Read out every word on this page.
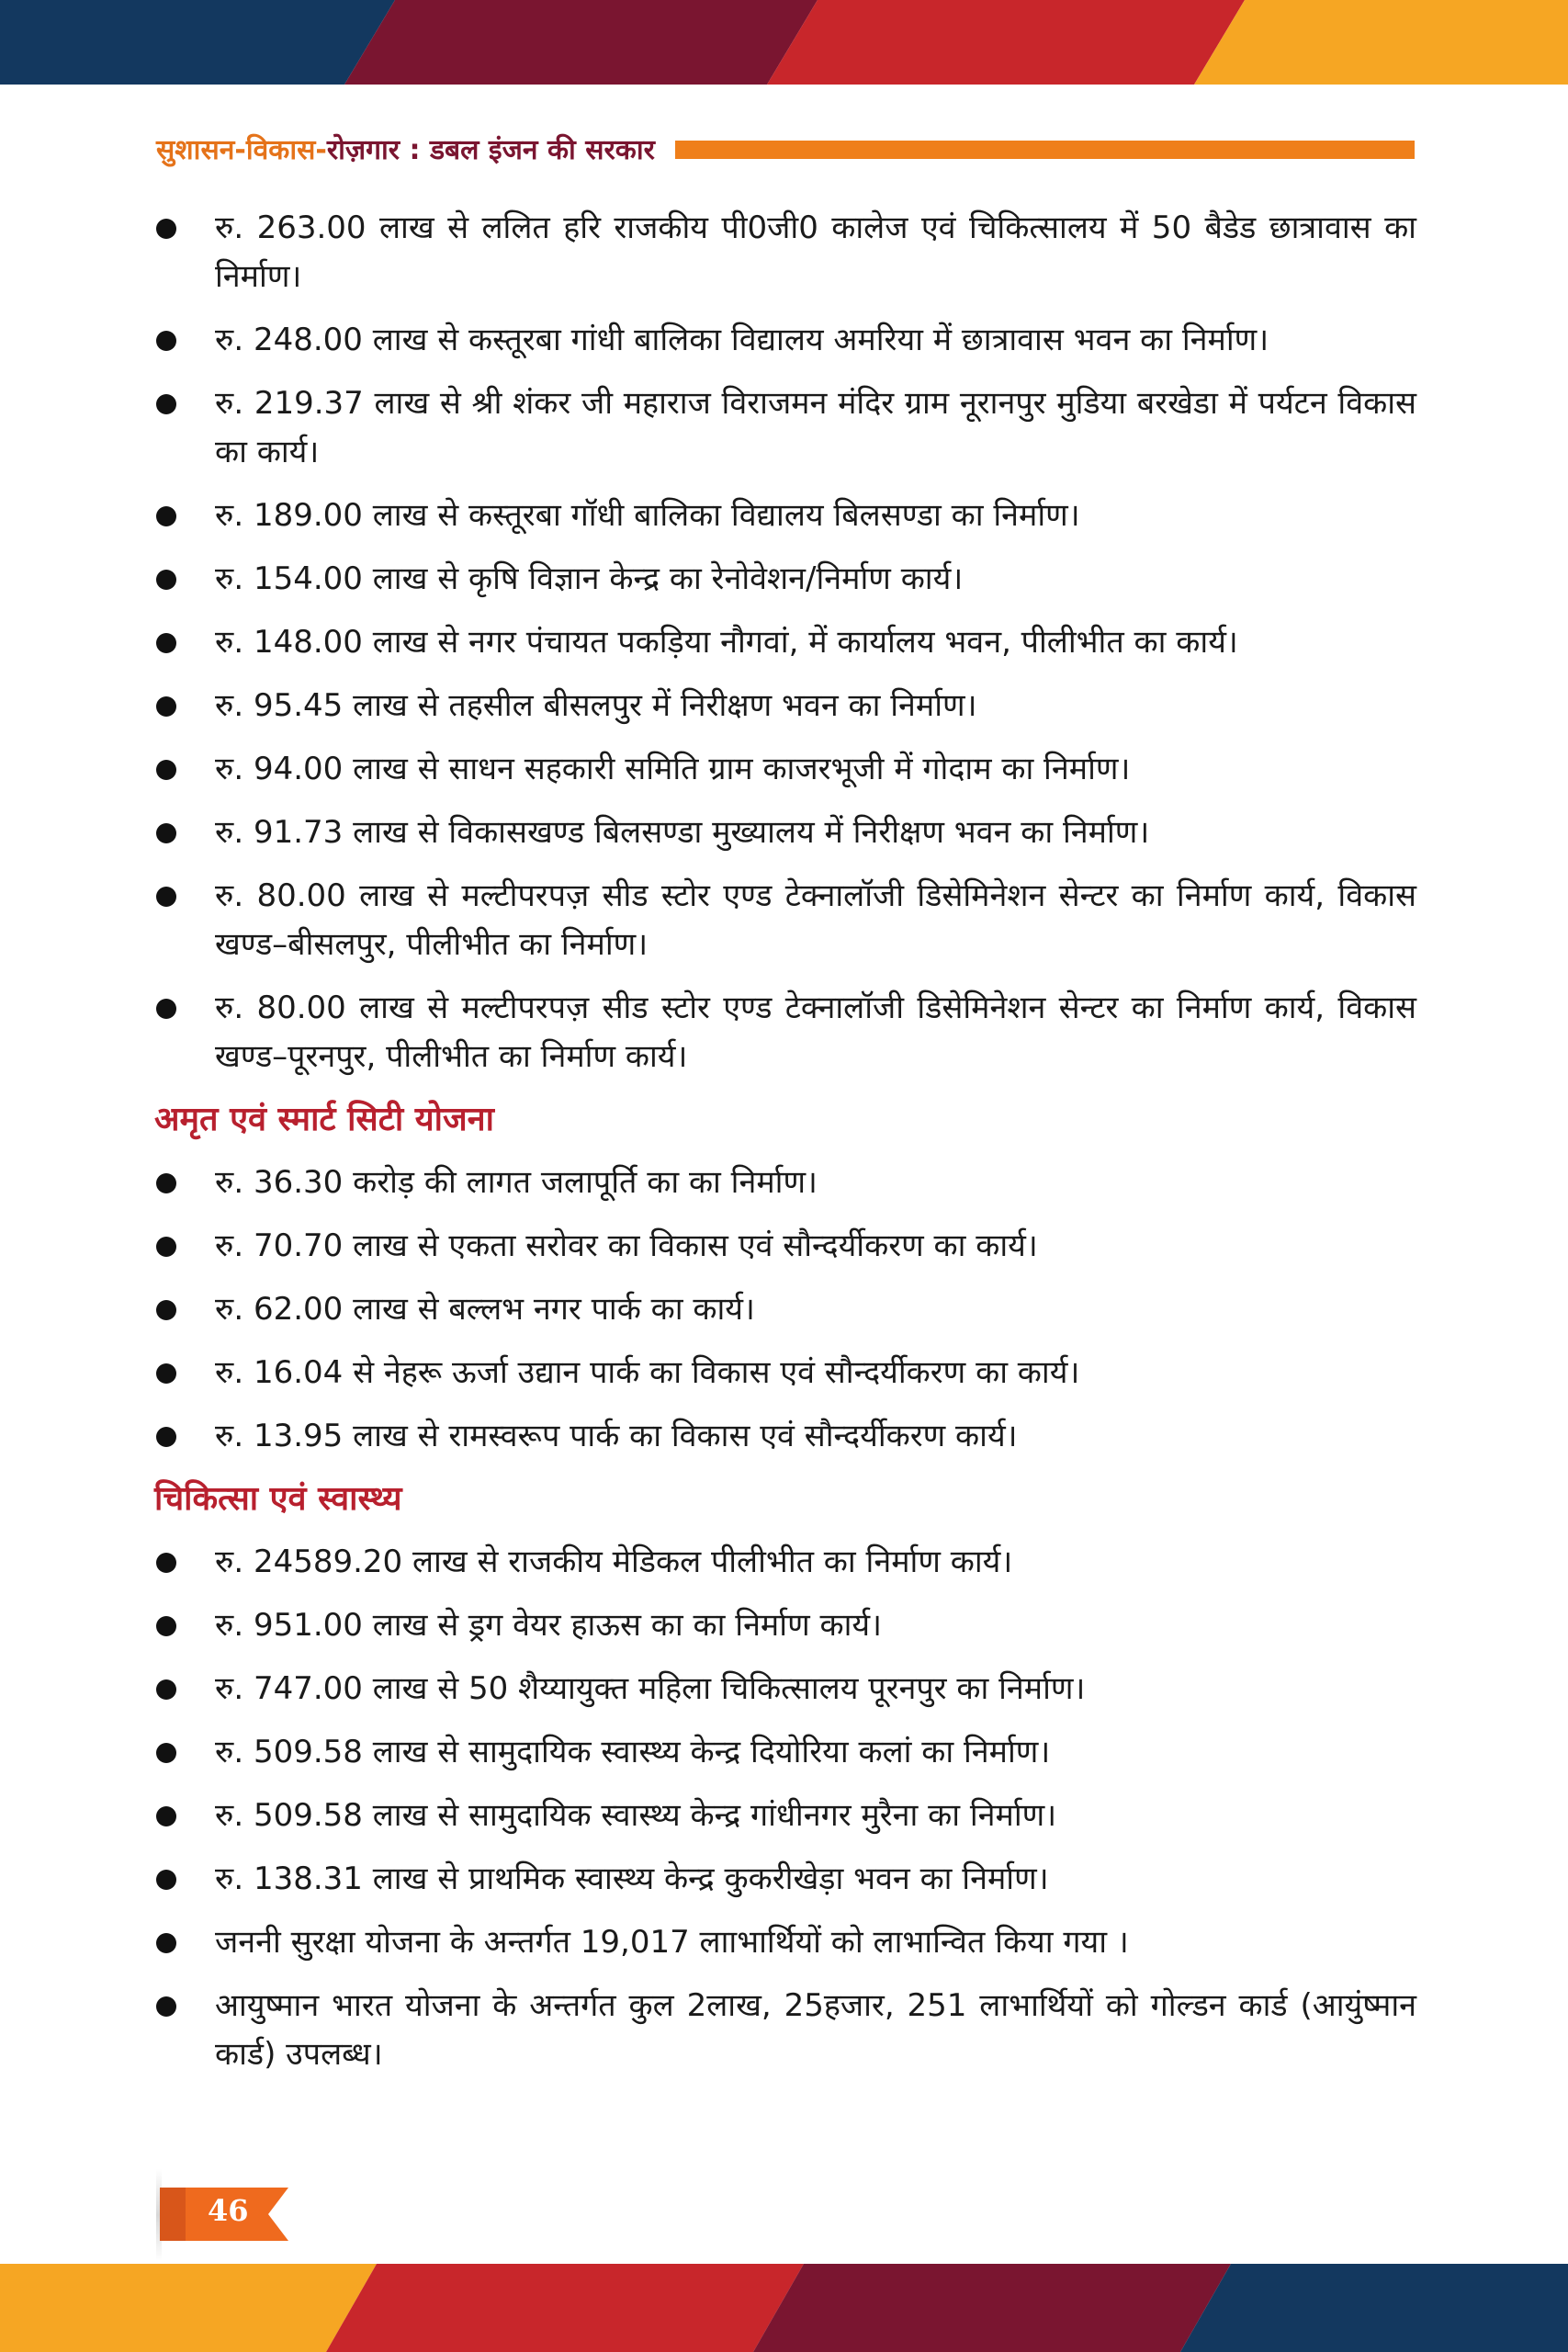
सुशासन-विकास-रोज़गार : डबल इंजन की सरकार
रु. 263.00 लाख से ललित हरि राजकीय पी0जी0 कालेज एवं चिकित्सालय में 50 बैडेड छात्रावास का निर्माण।
रु. 248.00 लाख से कस्तूरबा गांधी बालिका विद्यालय अमरिया में छात्रावास भवन का निर्माण।
रु. 219.37 लाख से श्री शंकर जी महाराज विराजमन मंदिर ग्राम नूरानपुर मुडिया बरखेडा में पर्यटन विकास का कार्य।
रु. 189.00 लाख से कस्तूरबा गॉधी बालिका विद्यालय बिलसण्डा का निर्माण।
रु. 154.00 लाख से कृषि विज्ञान केन्द्र का रेनोवेशन/निर्माण कार्य।
रु. 148.00 लाख से नगर पंचायत पकड़िया नौगवां, में कार्यालय भवन, पीलीभीत का कार्य।
रु. 95.45 लाख से तहसील बीसलपुर में निरीक्षण भवन का निर्माण।
रु. 94.00 लाख से साधन सहकारी समिति ग्राम काजरभूजी में गोदाम का निर्माण।
रु. 91.73 लाख से विकासखण्ड बिलसण्डा मुख्यालय में निरीक्षण भवन का निर्माण।
रु. 80.00 लाख से मल्टीपरपज़ सीड स्टोर एण्ड टेक्नालॉजी डिसेमिनेशन सेन्टर का निर्माण कार्य, विकास खण्ड–बीसलपुर, पीलीभीत का निर्माण।
रु. 80.00 लाख से मल्टीपरपज़ सीड स्टोर एण्ड टेक्नालॉजी डिसेमिनेशन सेन्टर का निर्माण कार्य, विकास खण्ड–पूरनपुर, पीलीभीत का निर्माण कार्य।
अमृत एवं स्मार्ट सिटी योजना
रु. 36.30 करोड़ की लागत जलापूर्ति का का निर्माण।
रु. 70.70 लाख से एकता सरोवर का विकास एवं सौन्दर्यीकरण का कार्य।
रु. 62.00 लाख से बल्लभ नगर पार्क का कार्य।
रु. 16.04 से नेहरू ऊर्जा उद्यान पार्क का विकास एवं सौन्दर्यीकरण का कार्य।
रु. 13.95 लाख से रामस्वरूप पार्क का विकास एवं सौन्दर्यीकरण कार्य।
चिकित्सा एवं स्वास्थ्य
रु. 24589.20 लाख से राजकीय मेडिकल पीलीभीत का निर्माण कार्य।
रु. 951.00 लाख से ड्रग वेयर हाऊस का का निर्माण कार्य।
रु. 747.00 लाख से 50 शैय्यायुक्त महिला चिकित्सालय पूरनपुर का निर्माण।
रु. 509.58 लाख से सामुदायिक स्वास्थ्य केन्द्र दियोरिया कलां का निर्माण।
रु. 509.58 लाख से सामुदायिक स्वास्थ्य केन्द्र गांधीनगर मुरैना का निर्माण।
रु. 138.31 लाख से प्राथमिक स्वास्थ्य केन्द्र कुकरीखेड़ा भवन का निर्माण।
जननी सुरक्षा योजना के अन्तर्गत 19,017 लााभार्थियों को लाभान्वित किया गया ।
आयुष्मान भारत योजना के अन्तर्गत कुल 2लाख, 25हजार, 251 लाभार्थियों को गोल्डन कार्ड (आयुंष्मान कार्ड) उपलब्ध।
46
